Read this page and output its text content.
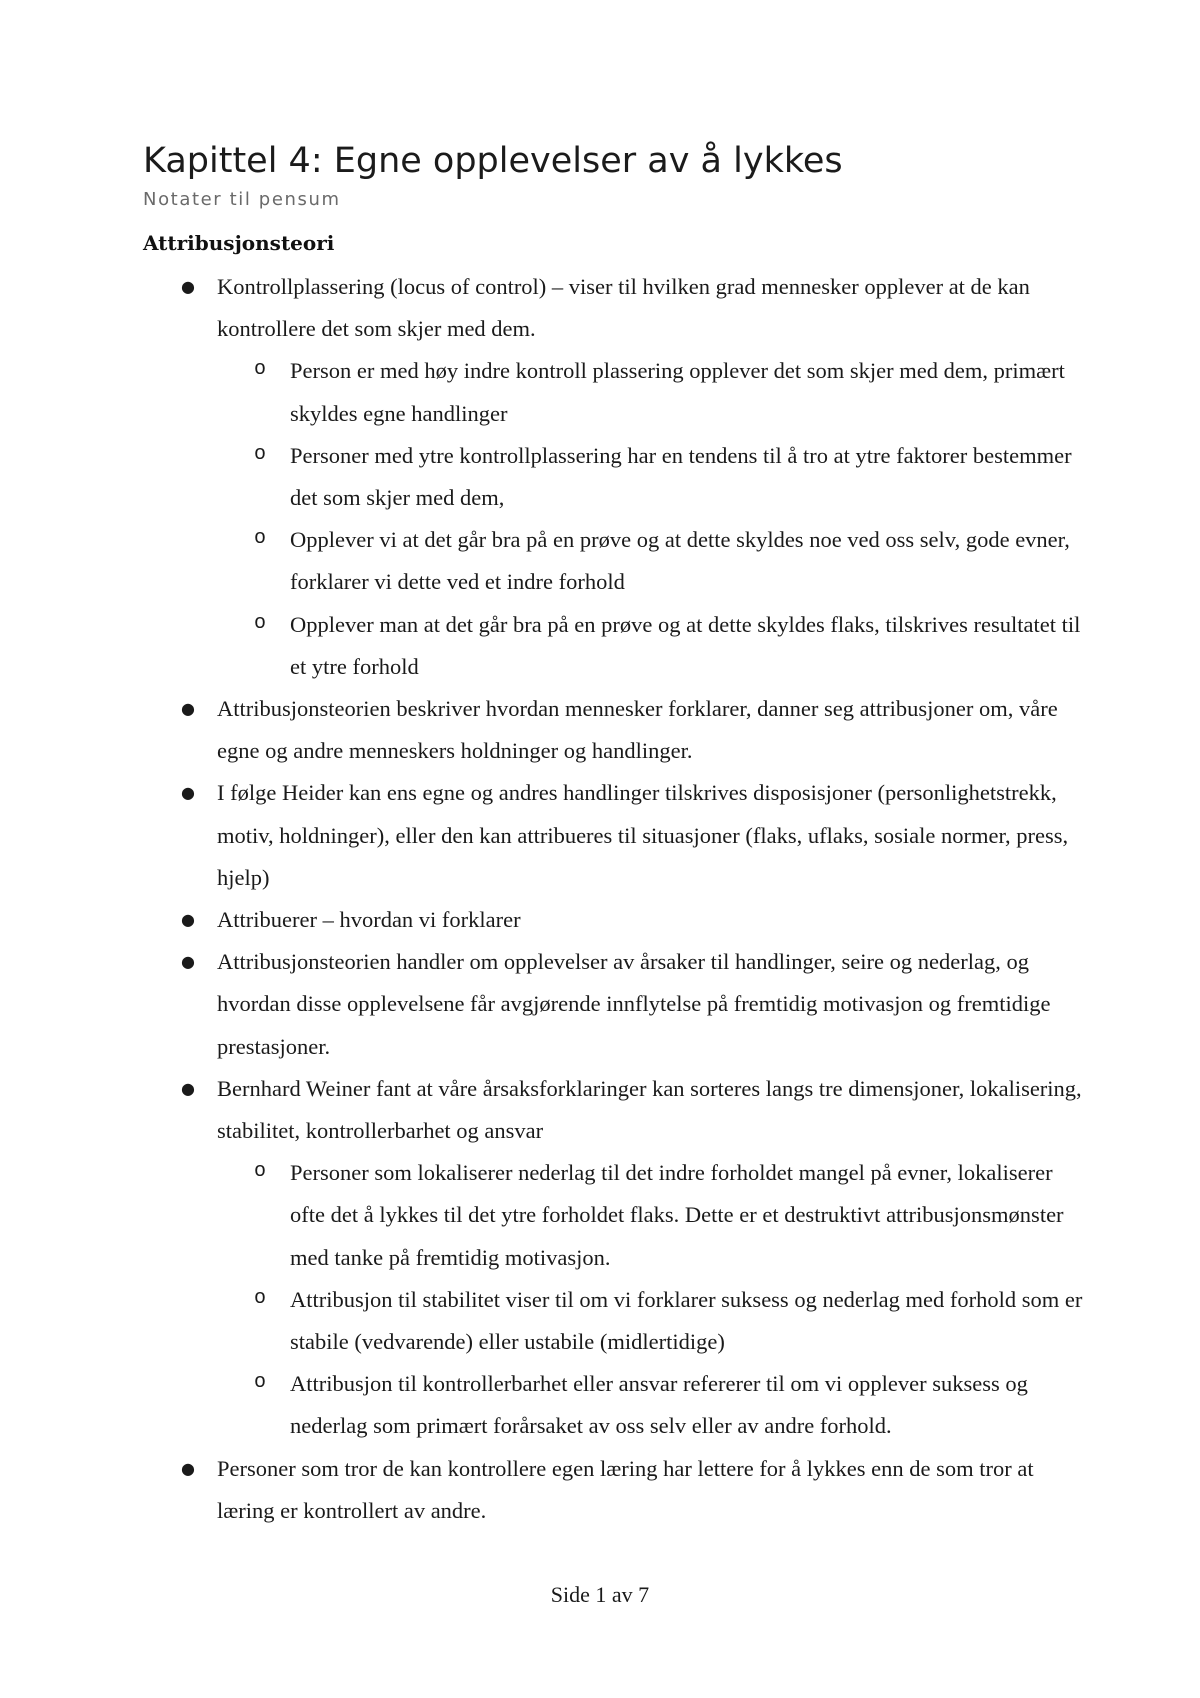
Kapittel 4: Egne opplevelser av å lykkes
Notater til pensum
Attribusjonsteori
● Kontrollplassering (locus of control) – viser til hvilken grad mennesker opplever at de kan kontrollere det som skjer med dem.
o Person er med høy indre kontroll plassering opplever det som skjer med dem, primært skyldes egne handlinger
o Personer med ytre kontrollplassering har en tendens til å tro at ytre faktorer bestemmer det som skjer med dem,
o Opplever vi at det går bra på en prøve og at dette skyldes noe ved oss selv, gode evner, forklarer vi dette ved et indre forhold
o Opplever man at det går bra på en prøve og at dette skyldes flaks, tilskrives resultatet til et ytre forhold
● Attribusjonsteorien beskriver hvordan mennesker forklarer, danner seg attribusjoner om, våre egne og andre menneskers holdninger og handlinger.
● I følge Heider kan ens egne og andres handlinger tilskrives disposisjoner (personlighetstrekk, motiv, holdninger), eller den kan attribueres til situasjoner (flaks, uflaks, sosiale normer, press, hjelp)
● Attribuerer – hvordan vi forklarer
● Attribusjonsteorien handler om opplevelser av årsaker til handlinger, seire og nederlag, og hvordan disse opplevelsene får avgjørende innflytelse på fremtidig motivasjon og fremtidige prestasjoner.
● Bernhard Weiner fant at våre årsaksforklaringer kan sorteres langs tre dimensjoner, lokalisering, stabilitet, kontrollerbarhet og ansvar
o Personer som lokaliserer nederlag til det indre forholdet mangel på evner, lokaliserer ofte det å lykkes til det ytre forholdet flaks. Dette er et destruktivt attribusjonsmønster med tanke på fremtidig motivasjon.
o Attribusjon til stabilitet viser til om vi forklarer suksess og nederlag med forhold som er stabile (vedvarende) eller ustabile (midlertidige)
o Attribusjon til kontrollerbarhet eller ansvar refererer til om vi opplever suksess og nederlag som primært forårsaket av oss selv eller av andre forhold.
● Personer som tror de kan kontrollere egen læring har lettere for å lykkes enn de som tror at læring er kontrollert av andre.
Side 1 av 7
